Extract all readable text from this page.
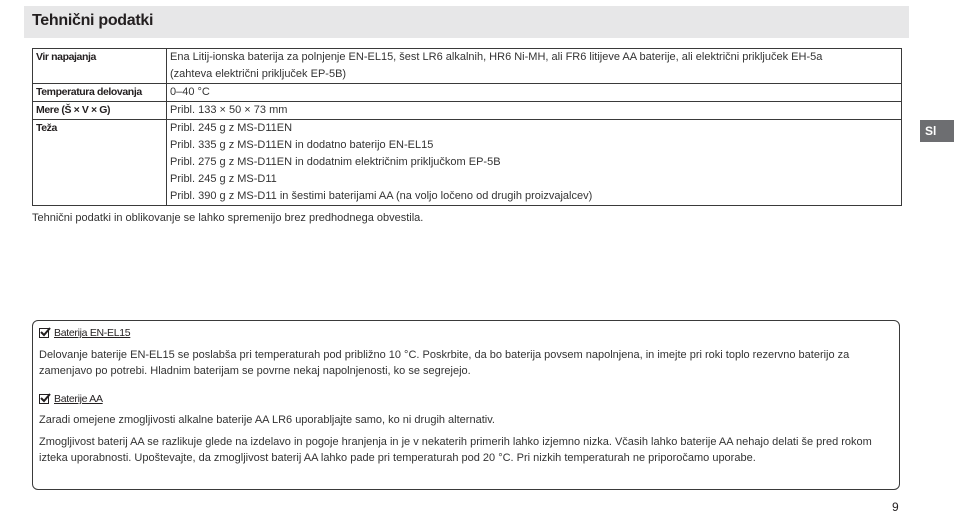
Tehnični podatki
Vir napajanja	Ena Litij-ionska baterija za polnjenje EN-EL15, šest LR6 alkalnih, HR6 Ni-MH, ali FR6 litijeve AA baterije, ali električni priključek EH-5a
(zahteva električni priključek EP-5B)

Temperatura delovanja	0–40 °C

Mere (Š × V × G)	Pribl. 133 × 50 × 73 mm

Teža	Pribl. 245 g z MS-D11EN
Pribl. 335 g z MS-D11EN in dodatno baterijo EN-EL15
Pribl. 275 g z MS-D11EN in dodatnim električnim priključkom EP-5B
Pribl. 245 g z MS-D11
Pribl. 390 g z MS-D11 in šestimi baterijami AA (na voljo ločeno od drugih proizvajalcev)
Tehnični podatki in oblikovanje se lahko spremenijo brez predhodnega obvestila.
Sl
Baterija EN-EL15

Delovanje baterije EN-EL15 se poslabša pri temperaturah pod približno 10 °C. Poskrbite, da bo baterija povsem napolnjena, in imejte pri roki toplo rezervno baterijo za zamenjavo po potrebi. Hladnim baterijam se povrne nekaj napolnjenosti, ko se segrejejo.

Baterije AA

Zaradi omejene zmogljivosti alkalne baterije AA LR6 uporabljajte samo, ko ni drugih alternativ.

Zmogljivost baterij AA se razlikuje glede na izdelavo in pogoje hranjenja in je v nekaterih primerih lahko izjemno nizka. Včasih lahko baterije AA nehajo delati še pred rokom izteka uporabnosti. Upoštevajte, da zmogljivost baterij AA lahko pade pri temperaturah pod 20 °C. Pri nizkih temperaturah ne priporočamo uporabe.

9
